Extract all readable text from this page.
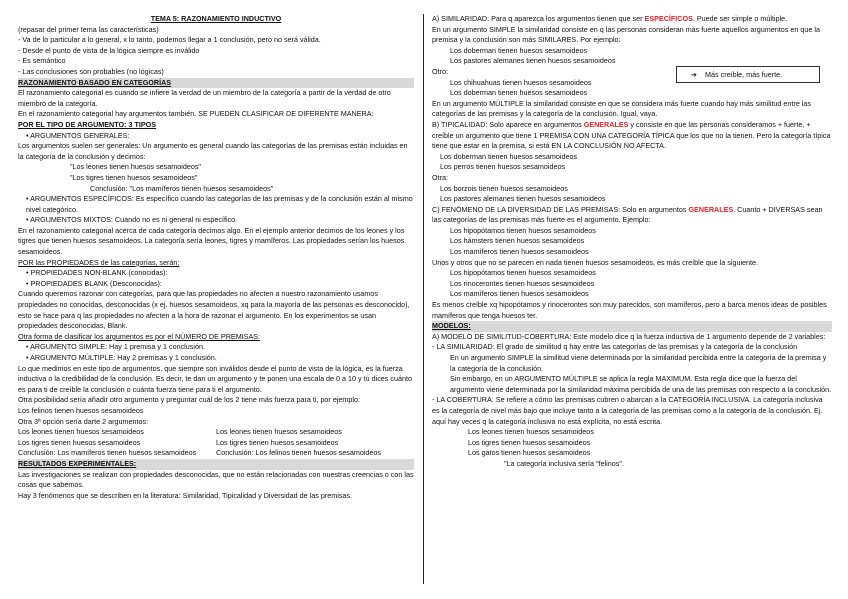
TEMA 5: RAZONAMIENTO INDUCTIVO

(repasar del primer tema las características)

- Va de lo particular a lo general, x lo tanto, podemos llegar a 1 conclusión, pero no será válida.

- Desde el punto de vista de la lógica siempre es inválido

- Es semántico

- Las conclusiones son probables (no lógicas)

RAZONAMIENTO BASADO EN CATEGORÍAS

El razonamiento categorial es cuando se infiere la verdad de un miembro de la categoría a partir de la verdad de otro miembro de la categoría.

En el razonamiento categorial hay argumentos también. SE PUEDEN CLASIFICAR DE DIFERENTE MANERA:

POR EL TIPO DE ARGUMENTO: 3 TIPOS

• ARGUMENTOS GENERALES:

Los argumentos suelen ser generales: Un argumento es general cuando las categorías de las premisas están incluidas en la categoría de la conclusión y decimos:

"Los leones tienen huesos sesamoideos"

"Los tigres tienen huesos sesamoideos"

Conclusión: "Los mamíferos tienen huesos sesamoideos"

• ARGUMENTOS ESPECÍFICOS: Es específico cuando las categorías de las premisas y de la conclusión están al mismo nivel categórico.

• ARGUMENTOS MIXTOS: Cuando no es ni general ni específico.

En el razonamiento categorial acerca de cada categoría decimos algo. En el ejemplo anterior decimos de los leones y los tigres que tienen huesos sesamoideos. La categoría sería leones, tigres y mamíferos. Las propiedades serían los huesos sesamoideos.

POR las PROPIEDADES de las categorías, serán:

• PROPIEDADES NON-BLANK (conocidas):

• PROPIEDADES BLANK (Desconocidas):

Cuando queremos razonar con categorías, para que las propiedades no afecten a nuestro razonamiento usamos propiedades no conocidas, desconocidas (x ej. huesos sesamoideos, xq para la mayoría de las personas es desconocido), esto se hace para q las propiedades no afecten a la hora de razonar el argumento. En los experimentos se usan propiedades desconocidas, Blank.

Otra forma de clasificar los argumentos es por el NÚMERO DE PREMISAS:

• ARGUMENTO SIMPLE: Hay 1 premisa y 1 conclusión.

• ARGUMENTO MÚLTIPLE: Hay 2 premisas y 1 conclusión.

Lo que medimos en este tipo de argumentos, que siempre son inválidos desde el punto de vista de la lógica, es la fuerza inductiva o la credibilidad de la conclusión. Es decir, te dan un argumento y te ponen una escala de 0 a 10 y tú dices cuánto es para ti de creíble la conclusión o cuánta fuerza tiene para ti el argumento.

Otra posibilidad sería añadir otro argumento y preguntar cuál de los 2 tiene más fuerza para ti, por ejemplo:

Los felinos tienen huesos sesamoideos

Otra 3ª opción sería darte 2 argumentos:

Los leones tienen huesos sesamoideos	Los leones tienen huesos sesamoideos
Los tigres tienen huesos sesamoideos	Los tigres tienen huesos sesamoideos
Conclusión: Los mamíferos tienen huesos sesamoideos	Conclusión: Los felinos tienen huesos sesamoideos

RESULTADOS EXPERIMENTALES:

Las investigaciones se realizan con propiedades desconocidas, que no están relacionadas con nuestras creencias o con las cosas que sabemos.

Hay 3 fenómenos que se describen en la literatura: Similaridad, Tipicalidad y Diversidad de las premisas.

A) SIMILARIDAD: Para q aparezca los argumentos tienen que ser ESPECÍFICOS. Puede ser simple o múltiple.

En un argumento SIMPLE la similaridad consiste en q las personas consideran más fuerte aquellos argumentos en que la premisa y la conclusión son más SIMILARES. Por ejemplo:

Los doberman tienen huesos sesamoideos

Los pastores alemanes tienen huesos sesamoideos

Otro:

Los chihuahuas tienen huesos sesamoideos

Los doberman tienen huesos sesamoideos

En un argumento MÚLTIPLE la similaridad consiste en que se considera más fuerte cuando hay más similitud entre las categorías de las premisas y la categoría de la conclusión. Igual, vaya.

B) TIPICALIDAD: Solo aparece en argumentos GENERALES y consiste en que las personas consideramos + fuerte, + creíble un argumento que tiene 1 PREMISA CON UNA CATEGORÍA TÍPICA que los que no la tienen. Pero la categoría típica tiene que estar en la premisa, si está EN LA CONCLUSIÓN NO AFECTA.

Los doberman tienen huesos sesamoideos

Los perros tienen huesos sesamoideos

Otra:

Los borzois tienen huesos sesamoideos

Los pastores alemanes tienen huesos sesamoideos

C) FENÓMENO DE LA DIVERSIDAD DE LAS PREMISAS: Solo en argumentos GENERALES. Cuanto + DIVERSAS sean las categorías de las premisas más fuerte es el argumento. Ejemplo:

Los hipopótamos tienen huesos sesamoideos

Los hámsters tienen huesos sesamoideos

Los mamíferos tienen huesos sesamoideos

Unos y otros que no se parecen en nada tienen huesos sesamoideos, es más creíble que la siguiente.

Los hipopótamos tienen huesos sesamoideos

Los rinocerontes tienen huesos sesamoideos

Los mamíferos tienen huesos sesamoideos

Es menos creíble xq hipopótamos y rinocerontes son muy parecidos, son mamíferos, pero a barca menos ideas de posibles mamíferos que tenga huesos ter.

MODELOS:

A) MODELO DE SIMILITUD-COBERTURA: Este modelo dice q la fuerza inductiva de 1 argumento depende de 2 variables:

- LA SIMILARIDAD: El grado de similitud q hay entre las categorías de las premisas y la categoría de la conclusión

En un argumento SIMPLE la similitud viene determinada por la similaridad percibida entre la categoría de la premisa y la categoría de la conclusión.

Sin embargo, en un ARGUMENTO MÚLTIPLE se aplica la regla MAXIMUM. Esta regla dice que la fuerza del argumento viene determinada por la similaridad máxima percibida de una de las premisas con respecto a la conclusión.

- LA COBERTURA: Se refiere a cómo las premisas cubren o abarcan a la CATEGORÍA INCLUSIVA. La categoría inclusiva es la categoría de nivel más bajo que incluye tanto a la categoría de las premisas como a la categoría de la conclusión. Ej. aquí hay veces q la categoría inclusiva no está explícita, no está escrita.

Los leones tienen huesos sesamoideos

Los tigres tienen huesos sesamoideos

Los gatos tienen huesos sesamoideos

"La categoría inclusiva sería "felinos".

➔ Más creíble, más fuerte.
